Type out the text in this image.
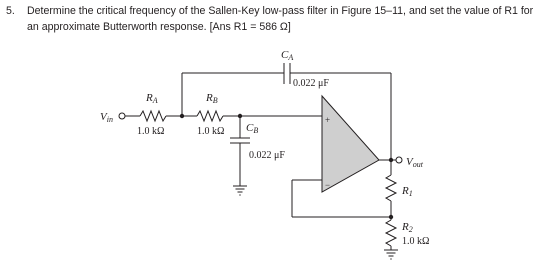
5. Determine the critical frequency of the Sallen-Key low-pass filter in Figure 15–11, and set the value of R1 for an approximate Butterworth response. [Ans R1 = 586 Ω]
Vin
RA
1.0 kΩ
CA
0.022 μF
RB
1.0 kΩ CB
0.022 μF
+
−
Vout
R1
R2
1.0 kΩ
